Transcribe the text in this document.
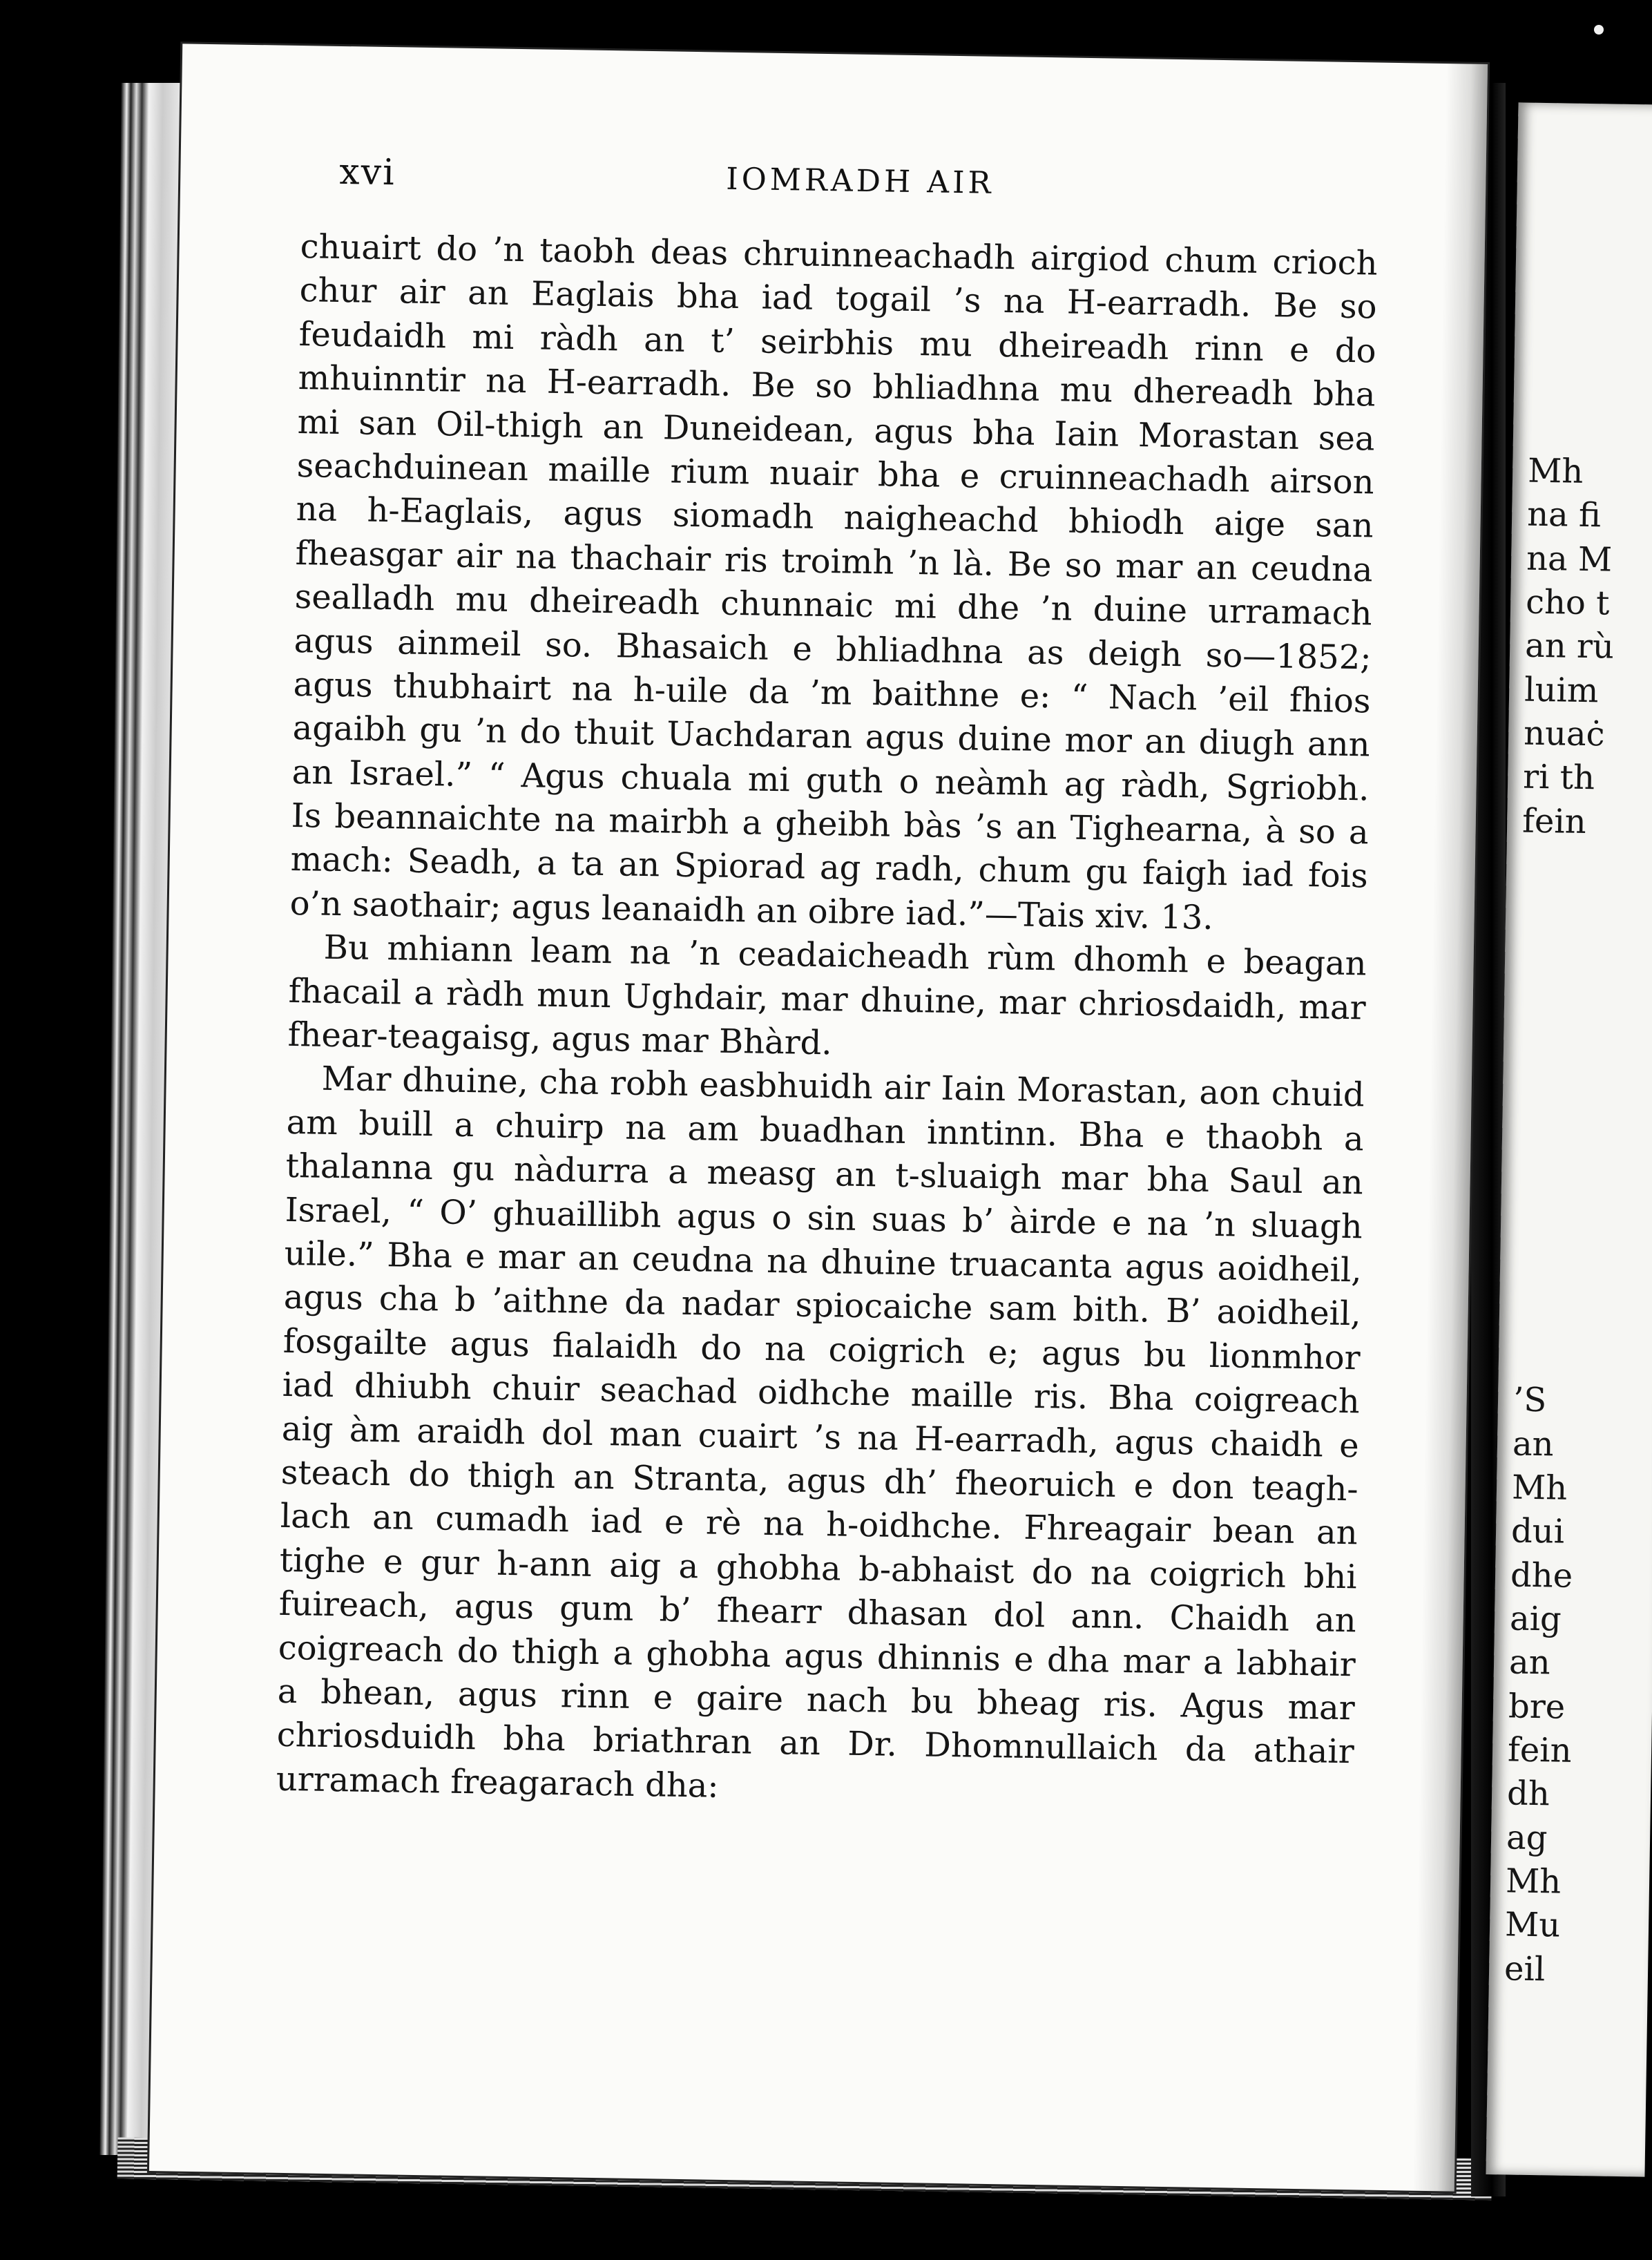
Mh
na fi
na M
cho t
an rù
luim
nuaċ
ri th
fein
’S
an
Mh
dui
dhe
aig
an
bre
fein
dh
ag
Mh
Mu
eil
xvi	IOMRADH AIR
chuairt do ’n taobh deas chruinneachadh airgiod chum crioch
chur air an Eaglais bha iad togail ’s na H-earradh. Be so
feudaidh mi ràdh an t’ seirbhis mu dheireadh rinn e do
mhuinntir na H-earradh. Be so bhliadhna mu dhereadh bha
mi san Oil-thigh an Duneidean, agus bha Iain Morastan sea
seachduinean maille rium nuair bha e cruinneachadh airson
na h-Eaglais, agus siomadh naigheachd bhiodh aige san
fheasgar air na thachair ris troimh ’n là. Be so mar an ceudna
sealladh mu dheireadh chunnaic mi dhe ’n duine urramach
agus ainmeil so. Bhasaich e bhliadhna as deigh so—1852;
agus thubhairt na h-uile da ’m baithne e: “ Nach ’eil fhios
agaibh gu ’n do thuit Uachdaran agus duine mor an diugh ann
an Israel.” “ Agus chuala mi guth o neàmh ag ràdh, Sgriobh.
Is beannaichte na mairbh a gheibh bàs ’s an Tighearna, à so a
mach: Seadh, a ta an Spiorad ag radh, chum gu faigh iad fois
o’n saothair; agus leanaidh an oibre iad.”—Tais xiv. 13.
Bu mhiann leam na ’n ceadaicheadh rùm dhomh e beagan
fhacail a ràdh mun Ughdair, mar dhuine, mar chriosdaidh, mar
fhear-teagaisg, agus mar Bhàrd.
Mar dhuine, cha robh easbhuidh air Iain Morastan, aon chuid
am buill a chuirp na am buadhan inntinn. Bha e thaobh a
thalanna gu nàdurra a measg an t-sluaigh mar bha Saul an
Israel, “ O’ ghuaillibh agus o sin suas b’ àirde e na ’n sluagh
uile.” Bha e mar an ceudna na dhuine truacanta agus aoidheil,
agus cha b ’aithne da nadar spiocaiche sam bith. B’ aoidheil,
fosgailte agus fialaidh do na coigrich e; agus bu lionmhor
iad dhiubh chuir seachad oidhche maille ris. Bha coigreach
aig àm araidh dol man cuairt ’s na H-earradh, agus chaidh e
steach do thigh an Stranta, agus dh’ fheoruich e don teagh-
lach an cumadh iad e rè na h-oidhche. Fhreagair bean an
tighe e gur h-ann aig a ghobha b-abhaist do na coigrich bhi
fuireach, agus gum b’ fhearr dhasan dol ann. Chaidh an
coigreach do thigh a ghobha agus dhinnis e dha mar a labhair
a bhean, agus rinn e gaire nach bu bheag ris. Agus mar
chriosduidh bha briathran an Dr. Dhomnullaich da athair
urramach freagarach dha:
